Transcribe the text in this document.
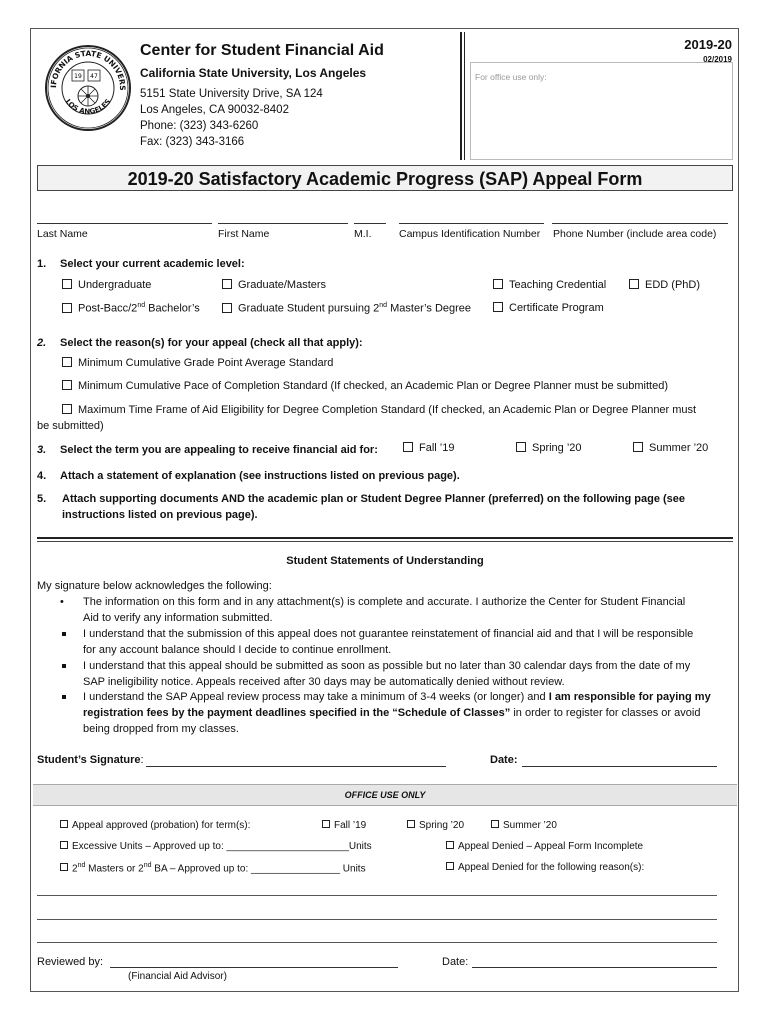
IFORNIA STATE UNIVERS
LOS ANGELES
19 47
Center for Student Financial Aid
California State University, Los Angeles
5151 State University Drive, SA 124
Los Angeles, CA 90032-8402
Phone: (323) 343-6260
Fax: (323) 343-3166
2019-20
02/2019
For office use only:
2019-20 Satisfactory Academic Progress (SAP) Appeal Form
Last Name	First Name	M.I.	Campus Identification Number Phone Number (include area code)
1. Select your current academic level:
Undergraduate	Graduate/Masters	Teaching Credential	EDD (PhD)
Post-Bacc/2nd Bachelor’s	Graduate Student pursuing 2nd Master’s Degree	Certificate Program
2. Select the reason(s) for your appeal (check all that apply):
Minimum Cumulative Grade Point Average Standard
Minimum Cumulative Pace of Completion Standard (If checked, an Academic Plan or Degree Planner must be submitted)
Maximum Time Frame of Aid Eligibility for Degree Completion Standard (If checked, an Academic Plan or Degree Planner must
be submitted)
3. Select the term you are appealing to receive financial aid for:	Fall ’19	Spring ’20	Summer ’20
4. Attach a statement of explanation (see instructions listed on previous page).
5. Attach supporting documents AND the academic plan or Student Degree Planner (preferred) on the following page (see
instructions listed on previous page).
Student Statements of Understanding
My signature below acknowledges the following:
• The information on this form and in any attachment(s) is complete and accurate. I authorize the Center for Student Financial
Aid to verify any information submitted.
I understand that the submission of this appeal does not guarantee reinstatement of financial aid and that I will be responsible
for any account balance should I decide to continue enrollment.
I understand that this appeal should be submitted as soon as possible but no later than 30 calendar days from the date of my
SAP ineligibility notice. Appeals received after 30 days may be automatically denied without review.
I understand the SAP Appeal review process may take a minimum of 3-4 weeks (or longer) and I am responsible for paying my
registration fees by the payment deadlines specified in the “Schedule of Classes” in order to register for classes or avoid
being dropped from my classes.
Student’s Signature:	Date:
OFFICE USE ONLY
Appeal approved (probation) for term(s):	Fall ’19	Spring ’20	Summer ’20
Excessive Units – Approved up to: ______________________Units	Appeal Denied – Appeal Form Incomplete
2nd Masters or 2nd BA – Approved up to: ________________ Units	Appeal Denied for the following reason(s):
Reviewed by:	Date:
(Financial Aid Advisor)
